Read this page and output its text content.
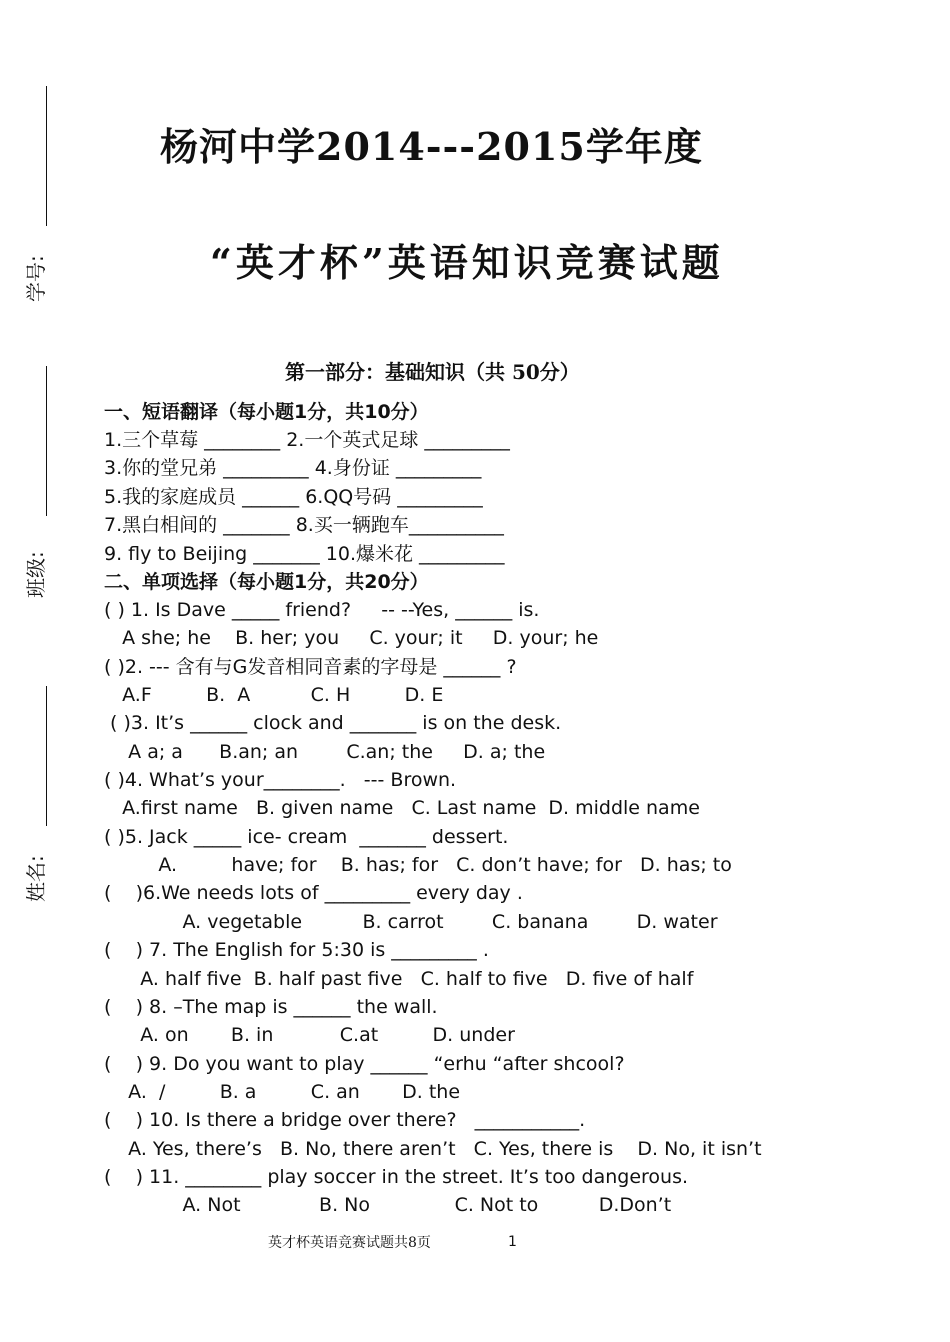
学号:
班级:
姓名:
杨河中学2014---2015学年度
“英才杯”英语知识竞赛试题
第一部分：基础知识（共 50分）
一、短语翻译（每小题1分，共10分）
1.三个草莓 ________ 2.一个英式足球 _________
3.你的堂兄弟 _________ 4.身份证 _________
5.我的家庭成员 ______ 6.QQ号码 _________
7.黑白相间的 _______ 8.买一辆跑车__________
9. fly to Beijing _______ 10.爆米花 _________
二、单项选择（每小题1分，共20分）
( ) 1. Is Dave _____ friend?     -- --Yes, ______ is.
A she; he    B. her; you     C. your; it     D. your; he
( )2. --- 含有与G发音相同音素的字母是 ______ ?
A.F         B.  A          C. H         D. E
( )3. It’s ______ clock and _______ is on the desk.
A a; a      B.an; an        C.an; the     D. a; the
( )4. What’s your________.   --- Brown.
A.first name   B. given name   C. Last name  D. middle name
( )5. Jack _____ ice- cream  _______ dessert.
A.         have; for    B. has; for   C. don’t have; for   D. has; to
(    )6.We needs lots of _________ every day .
A. vegetable          B. carrot        C. banana        D. water
(    ) 7. The English for 5:30 is _________ .
A. half five  B. half past five   C. half to five   D. five of half
(    ) 8. –The map is ______ the wall.
A. on       B. in           C.at         D. under
(    ) 9. Do you want to play ______ “erhu “after shcool?
A.  /         B. a         C. an       D. the
(    ) 10. Is there a bridge over there?   ___________.
A. Yes, there’s   B. No, there aren’t   C. Yes, there is    D. No, it isn’t
(    ) 11. ________ play soccer in the street. It’s too dangerous.
A. Not             B. No              C. Not to          D.Don’t
英才杯英语竞赛试题共8页	1
